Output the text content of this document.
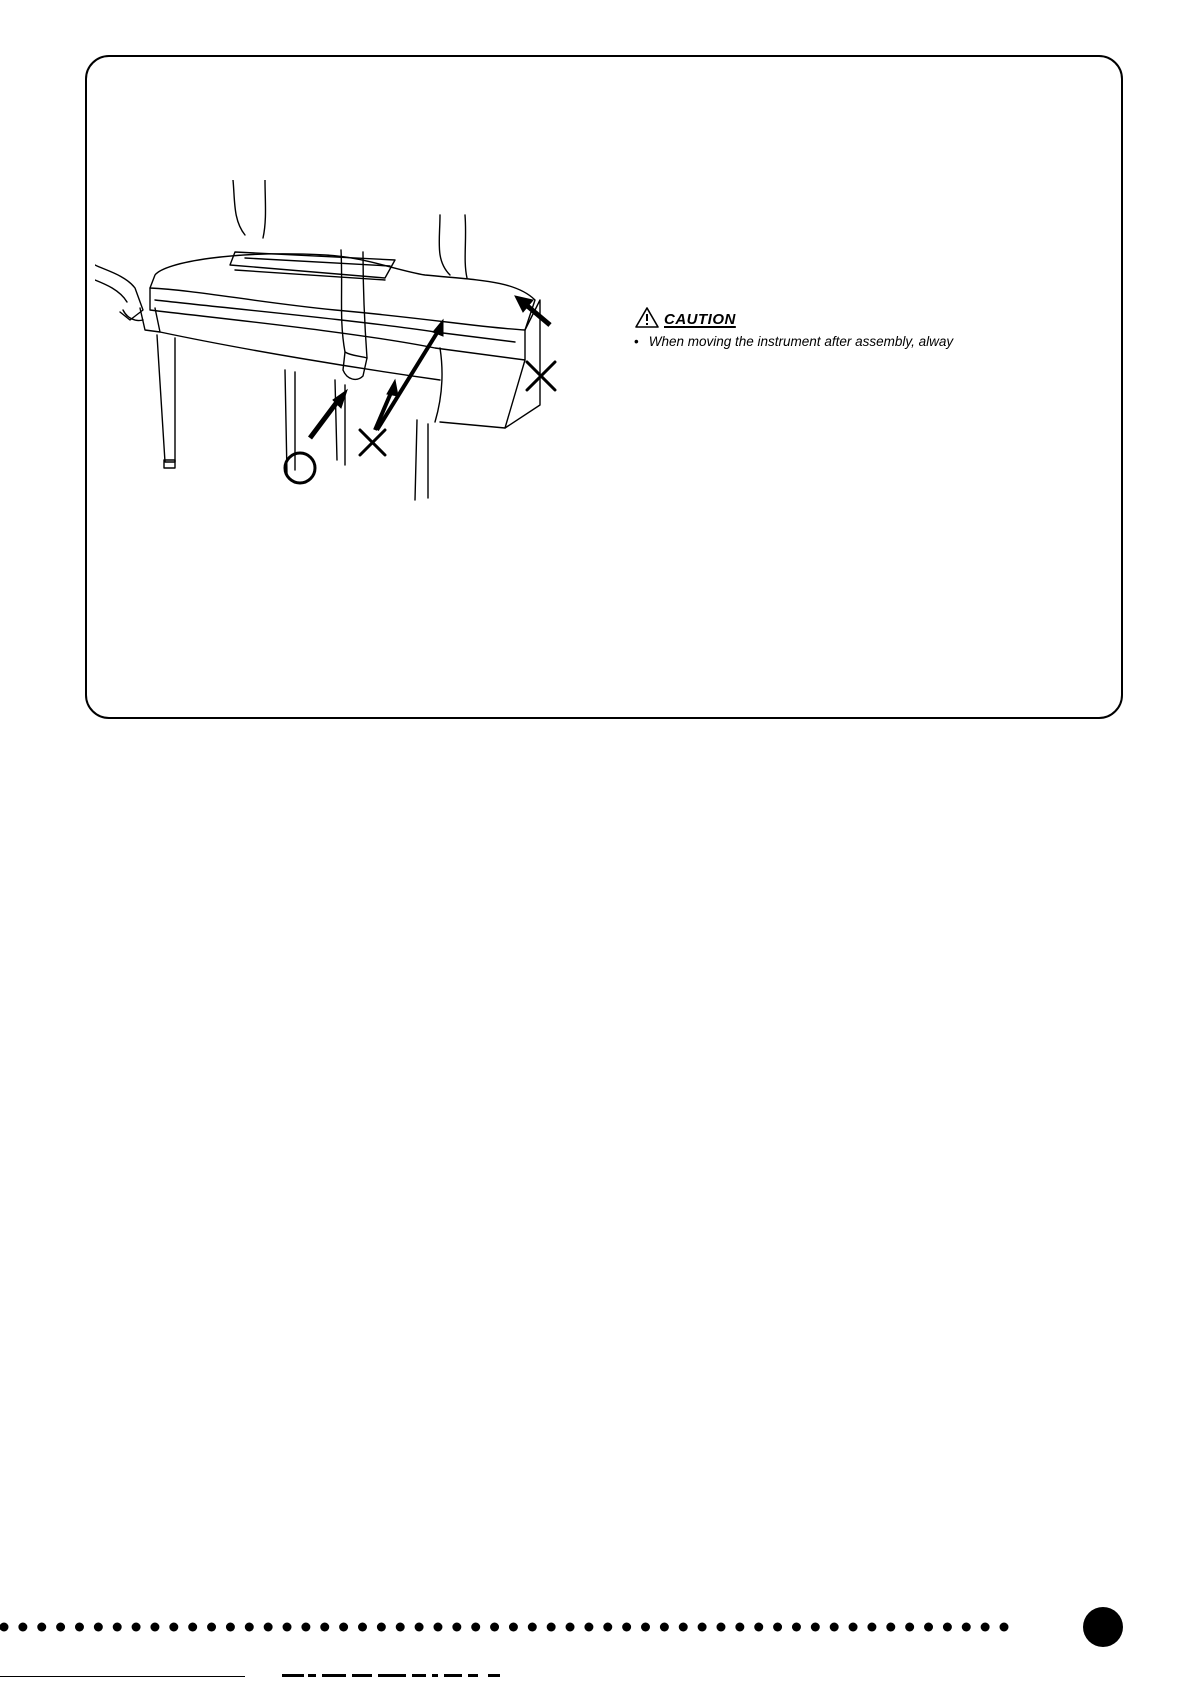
CAUTION
• When moving the instrument after assembly, alway
